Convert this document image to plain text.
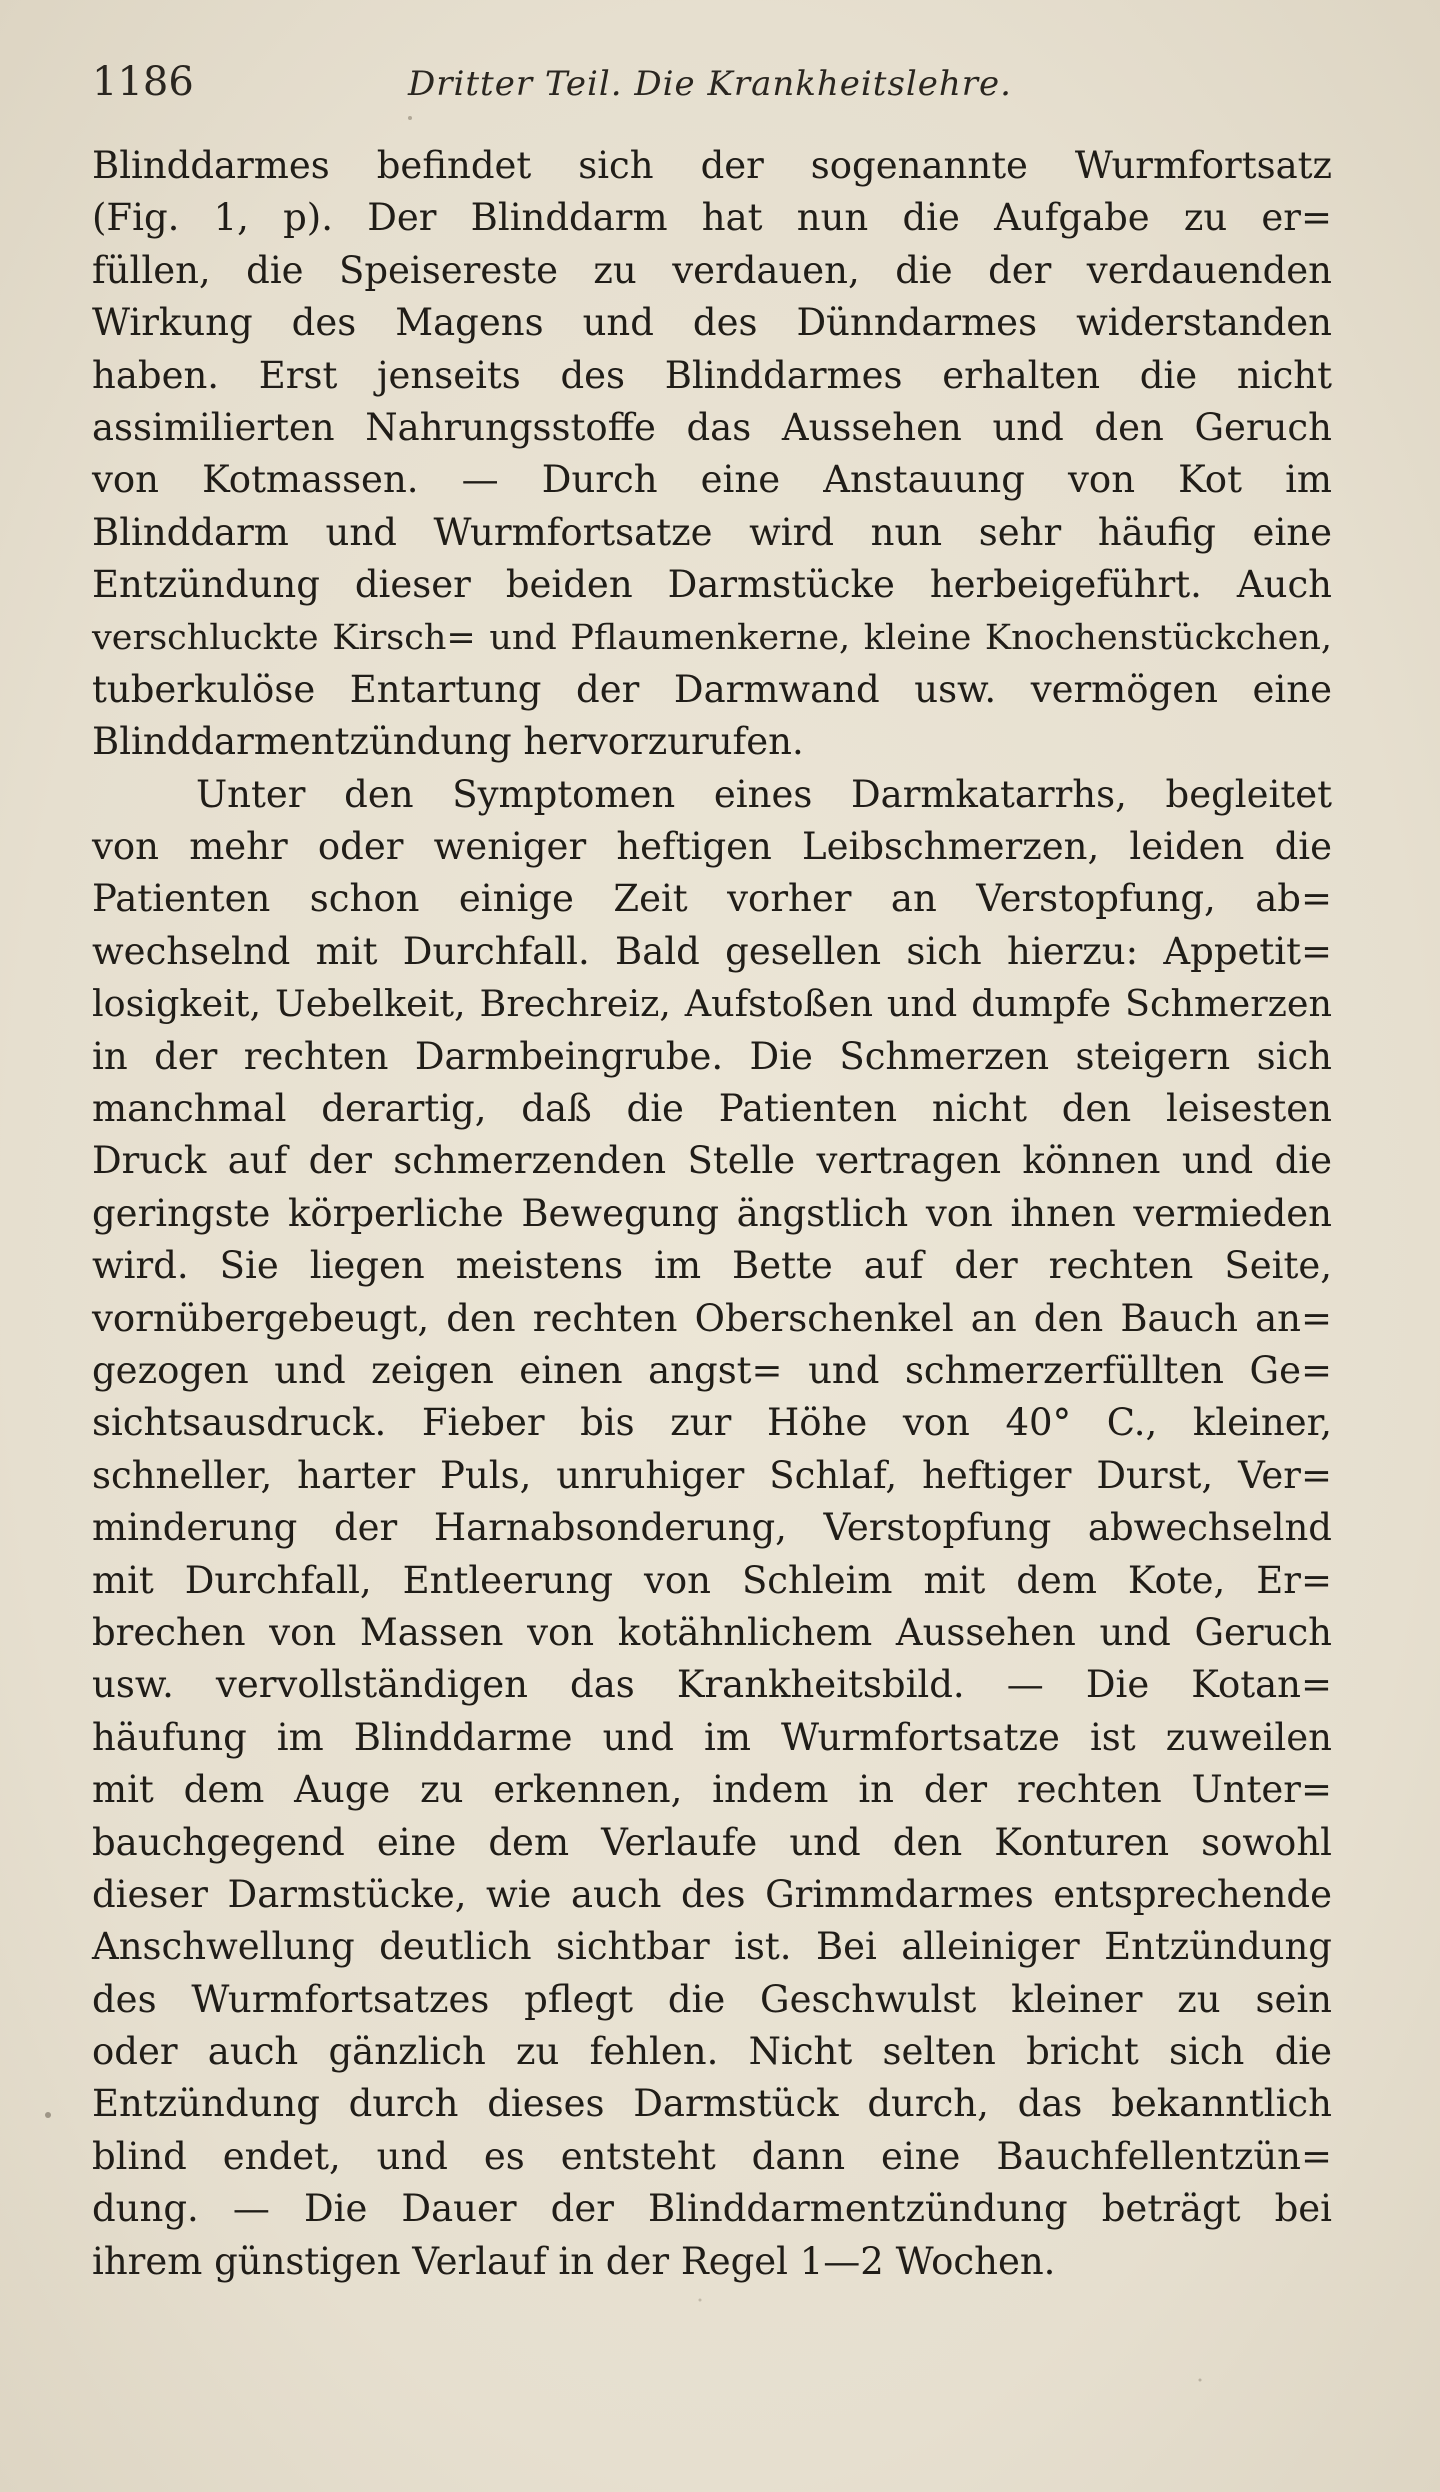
1186	Dritter Teil. Die Krankheitslehre.
Blinddarmes befindet sich der sogenannte Wurmfortsatz
(Fig. 1, p). Der Blinddarm hat nun die Aufgabe zu er=
füllen, die Speisereste zu verdauen, die der verdauenden
Wirkung des Magens und des Dünndarmes widerstanden
haben. Erst jenseits des Blinddarmes erhalten die nicht
assimilierten Nahrungsstoffe das Aussehen und den Geruch
von Kotmassen. — Durch eine Anstauung von Kot im
Blinddarm und Wurmfortsatze wird nun sehr häufig eine
Entzündung dieser beiden Darmstücke herbeigeführt. Auch
verschluckte Kirsch= und Pflaumenkerne, kleine Knochenstückchen,
tuberkulöse Entartung der Darmwand usw. vermögen eine
Blinddarmentzündung hervorzurufen.
Unter den Symptomen eines Darmkatarrhs, begleitet
von mehr oder weniger heftigen Leibschmerzen, leiden die
Patienten schon einige Zeit vorher an Verstopfung, ab=
wechselnd mit Durchfall. Bald gesellen sich hierzu: Appetit=
losigkeit, Uebelkeit, Brechreiz, Aufstoßen und dumpfe Schmerzen
in der rechten Darmbeingrube. Die Schmerzen steigern sich
manchmal derartig, daß die Patienten nicht den leisesten
Druck auf der schmerzenden Stelle vertragen können und die
geringste körperliche Bewegung ängstlich von ihnen vermieden
wird. Sie liegen meistens im Bette auf der rechten Seite,
vornübergebeugt, den rechten Oberschenkel an den Bauch an=
gezogen und zeigen einen angst= und schmerzerfüllten Ge=
sichtsausdruck. Fieber bis zur Höhe von 40° C., kleiner,
schneller, harter Puls, unruhiger Schlaf, heftiger Durst, Ver=
minderung der Harnabsonderung, Verstopfung abwechselnd
mit Durchfall, Entleerung von Schleim mit dem Kote, Er=
brechen von Massen von kotähnlichem Aussehen und Geruch
usw. vervollständigen das Krankheitsbild. — Die Kotan=
häufung im Blinddarme und im Wurmfortsatze ist zuweilen
mit dem Auge zu erkennen, indem in der rechten Unter=
bauchgegend eine dem Verlaufe und den Konturen sowohl
dieser Darmstücke, wie auch des Grimmdarmes entsprechende
Anschwellung deutlich sichtbar ist. Bei alleiniger Entzündung
des Wurmfortsatzes pflegt die Geschwulst kleiner zu sein
oder auch gänzlich zu fehlen. Nicht selten bricht sich die
Entzündung durch dieses Darmstück durch, das bekanntlich
blind endet, und es entsteht dann eine Bauchfellentzün=
dung. — Die Dauer der Blinddarmentzündung beträgt bei
ihrem günstigen Verlauf in der Regel 1—2 Wochen.
